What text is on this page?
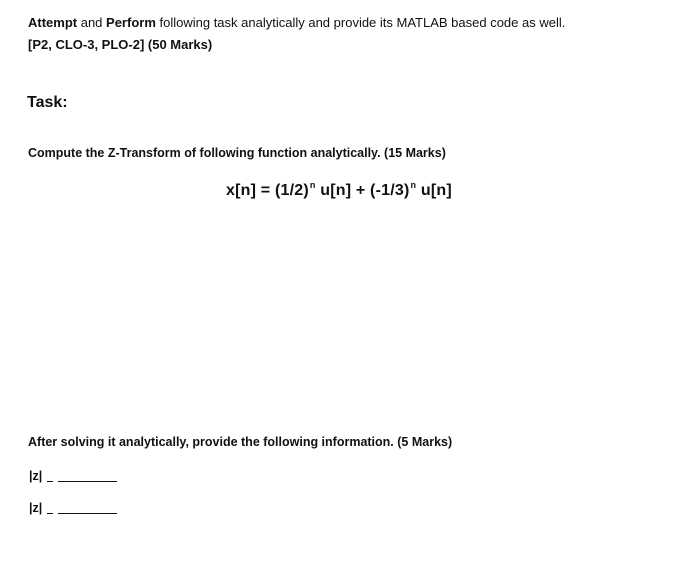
Attempt and Perform following task analytically and provide its MATLAB based code as well.
[P2, CLO-3, PLO-2] (50 Marks)
Task:
Compute the Z-Transform of following function analytically. (15 Marks)
$x[n] = (1/2)^n$ $u[n] + (-1/3)^n$ u[n]
After solving it analytically, provide the following information. (5 Marks)
|z|
|z|
